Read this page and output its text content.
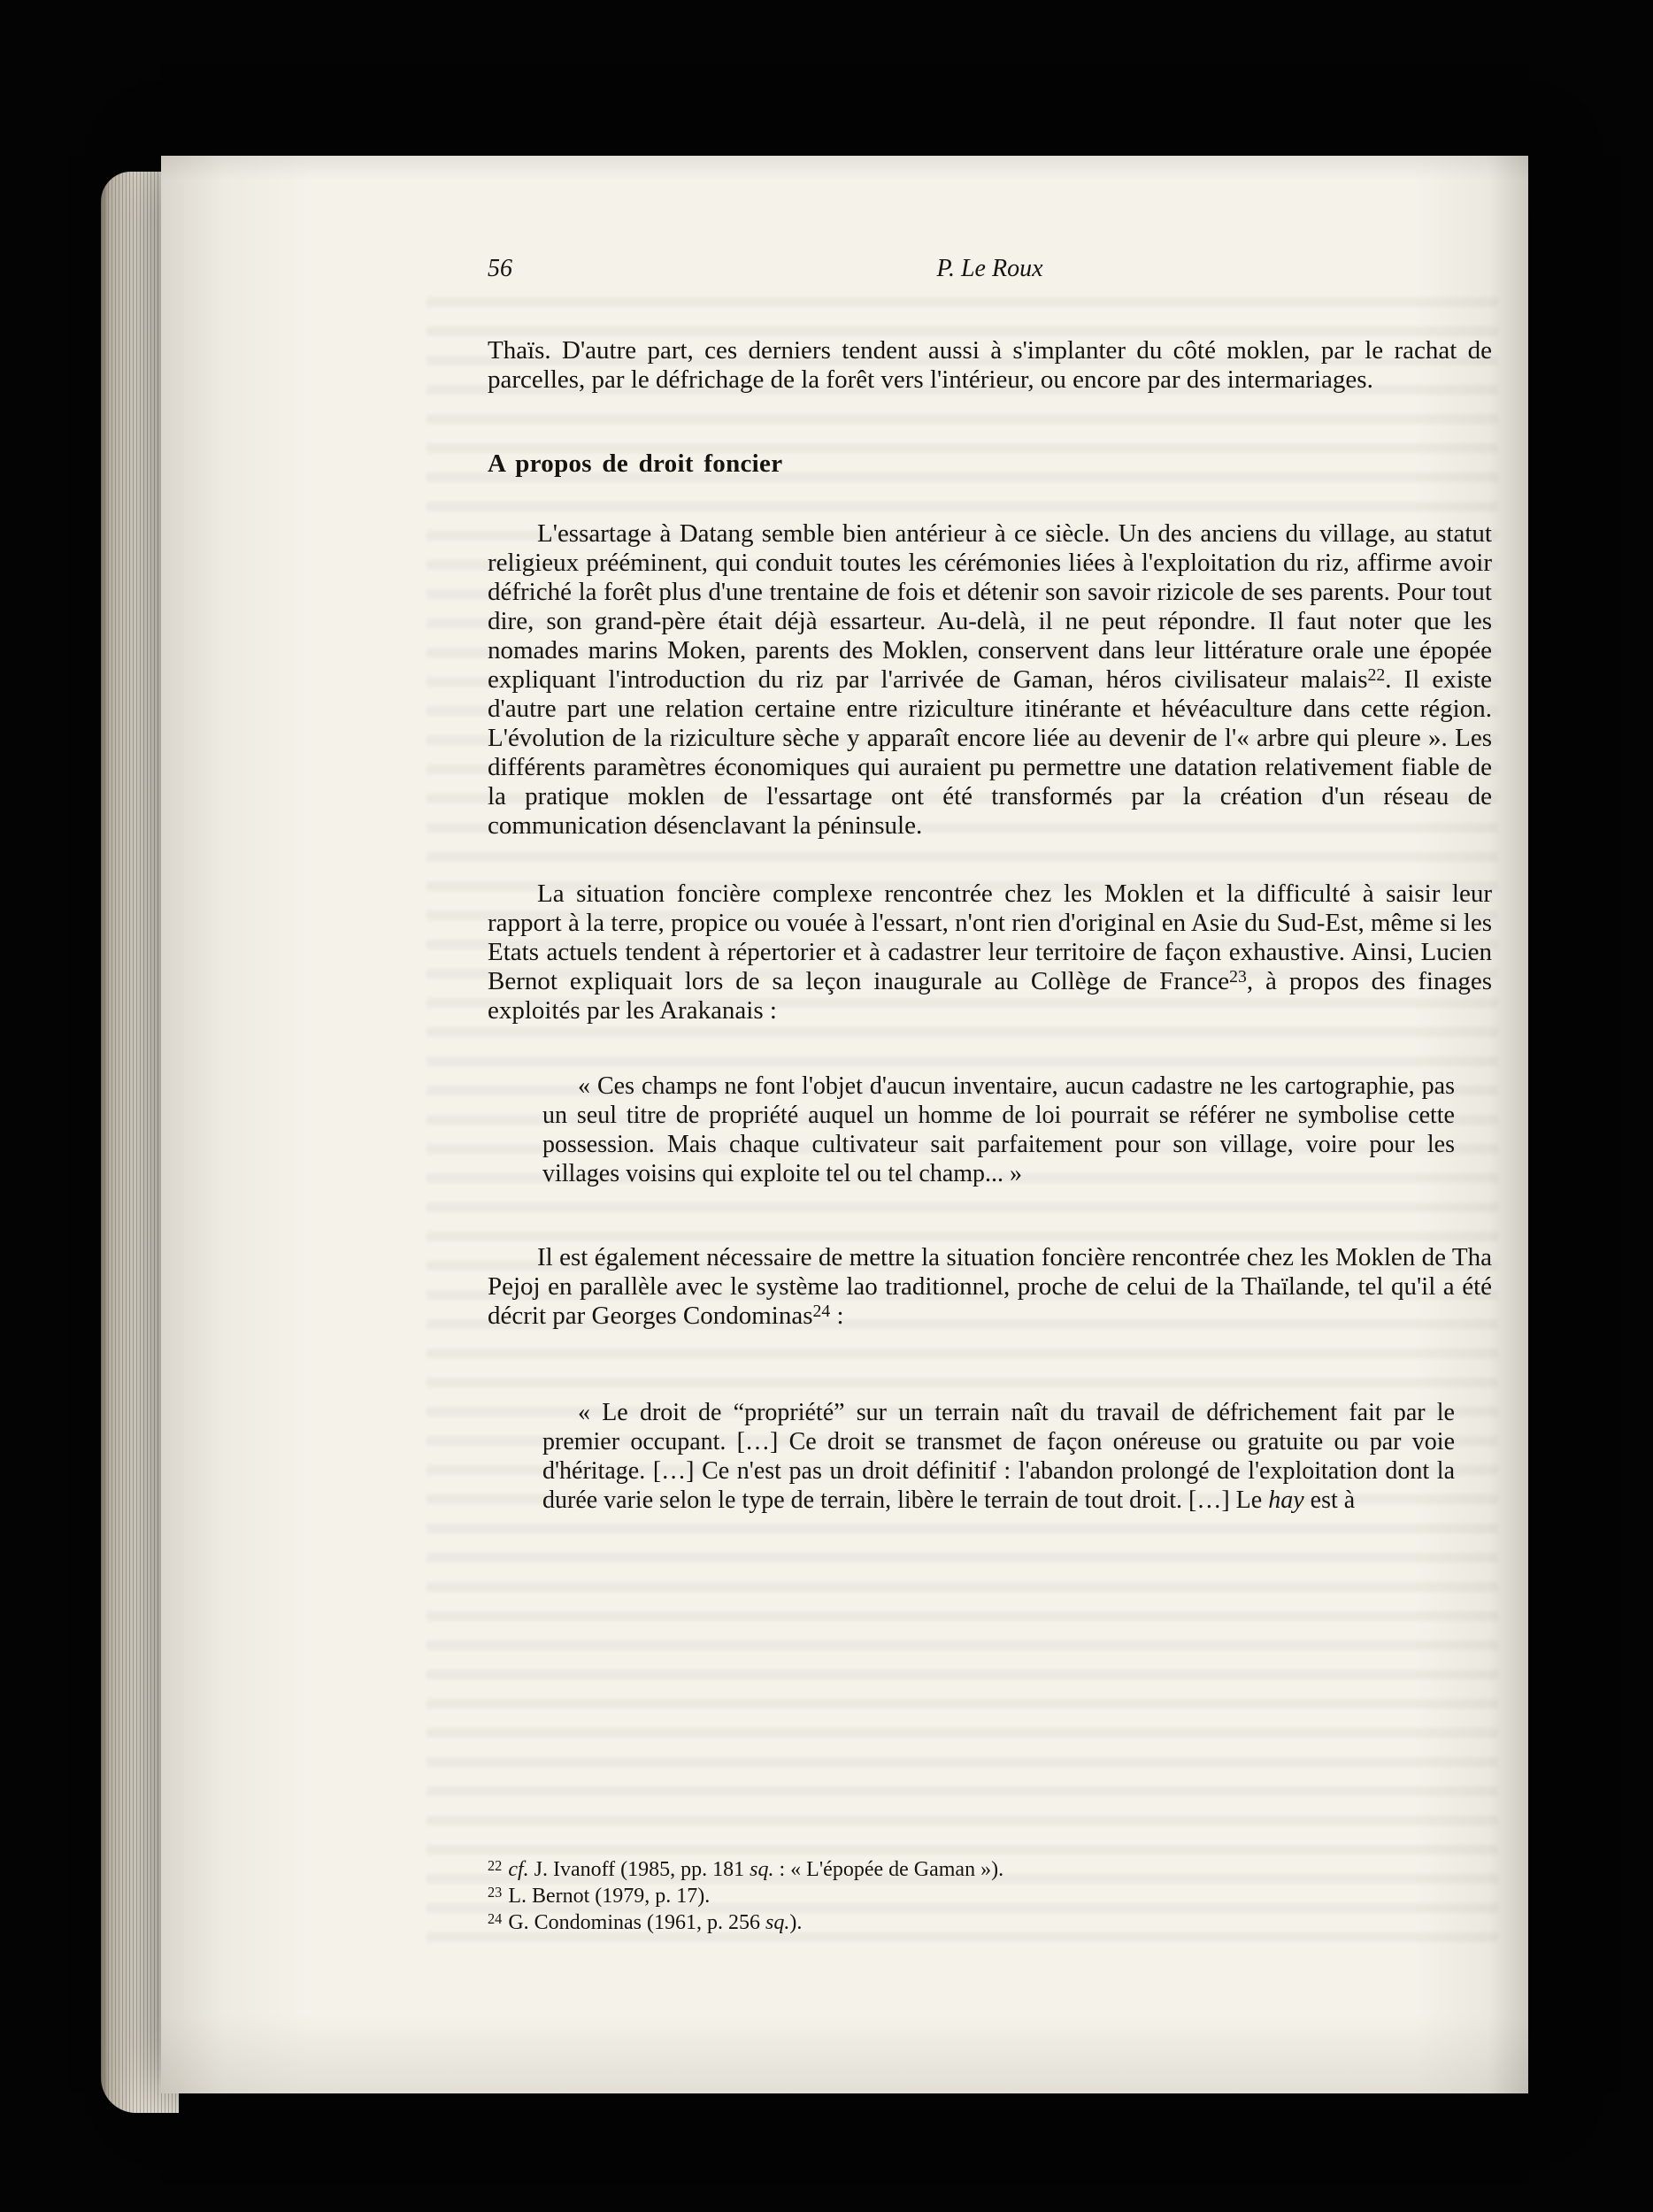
56	P. Le Roux

Thaïs. D'autre part, ces derniers tendent aussi à s'implanter du côté moklen, par le rachat de parcelles, par le défrichage de la forêt vers l'intérieur, ou encore par des intermariages.

A propos de droit foncier

L'essartage à Datang semble bien antérieur à ce siècle. Un des anciens du village, au statut religieux prééminent, qui conduit toutes les cérémonies liées à l'exploitation du riz, affirme avoir défriché la forêt plus d'une trentaine de fois et détenir son savoir rizicole de ses parents. Pour tout dire, son grand-père était déjà essarteur. Au-delà, il ne peut répondre. Il faut noter que les nomades marins Moken, parents des Moklen, conservent dans leur littérature orale une épopée expliquant l'introduction du riz par l'arrivée de Gaman, héros civilisateur malais$^{22}$. Il existe d'autre part une relation certaine entre riziculture itinérante et hévéaculture dans cette région. L'évolution de la riziculture sèche y apparaît encore liée au devenir de l'« arbre qui pleure ». Les différents paramètres économiques qui auraient pu permettre une datation relativement fiable de la pratique moklen de l'essartage ont été transformés par la création d'un réseau de communication désenclavant la péninsule.

La situation foncière complexe rencontrée chez les Moklen et la difficulté à saisir leur rapport à la terre, propice ou vouée à l'essart, n'ont rien d'original en Asie du Sud-Est, même si les Etats actuels tendent à répertorier et à cadastrer leur territoire de façon exhaustive. Ainsi, Lucien Bernot expliquait lors de sa leçon inaugurale au Collège de France$^{23}$, à propos des finages exploités par les Arakanais :

« Ces champs ne font l'objet d'aucun inventaire, aucun cadastre ne les cartographie, pas un seul titre de propriété auquel un homme de loi pourrait se référer ne symbolise cette possession. Mais chaque cultivateur sait parfaitement pour son village, voire pour les villages voisins qui exploite tel ou tel champ... »

Il est également nécessaire de mettre la situation foncière rencontrée chez les Moklen de Tha Pejoj en parallèle avec le système lao traditionnel, proche de celui de la Thaïlande, tel qu'il a été décrit par Georges Condominas$^{24}$ :

« Le droit de “propriété” sur un terrain naît du travail de défrichement fait par le premier occupant. […] Ce droit se transmet de façon onéreuse ou gratuite ou par voie d'héritage. […] Ce n'est pas un droit définitif : l'abandon prolongé de l'exploitation dont la durée varie selon le type de terrain, libère le terrain de tout droit. […] Le hay est à

$^{22}$ cf. J. Ivanoff (1985, pp. 181 sq. : « L'épopée de Gaman »).

$^{23}$ L. Bernot (1979, p. 17).

$^{24}$ G. Condominas (1961, p. 256 sq.).
